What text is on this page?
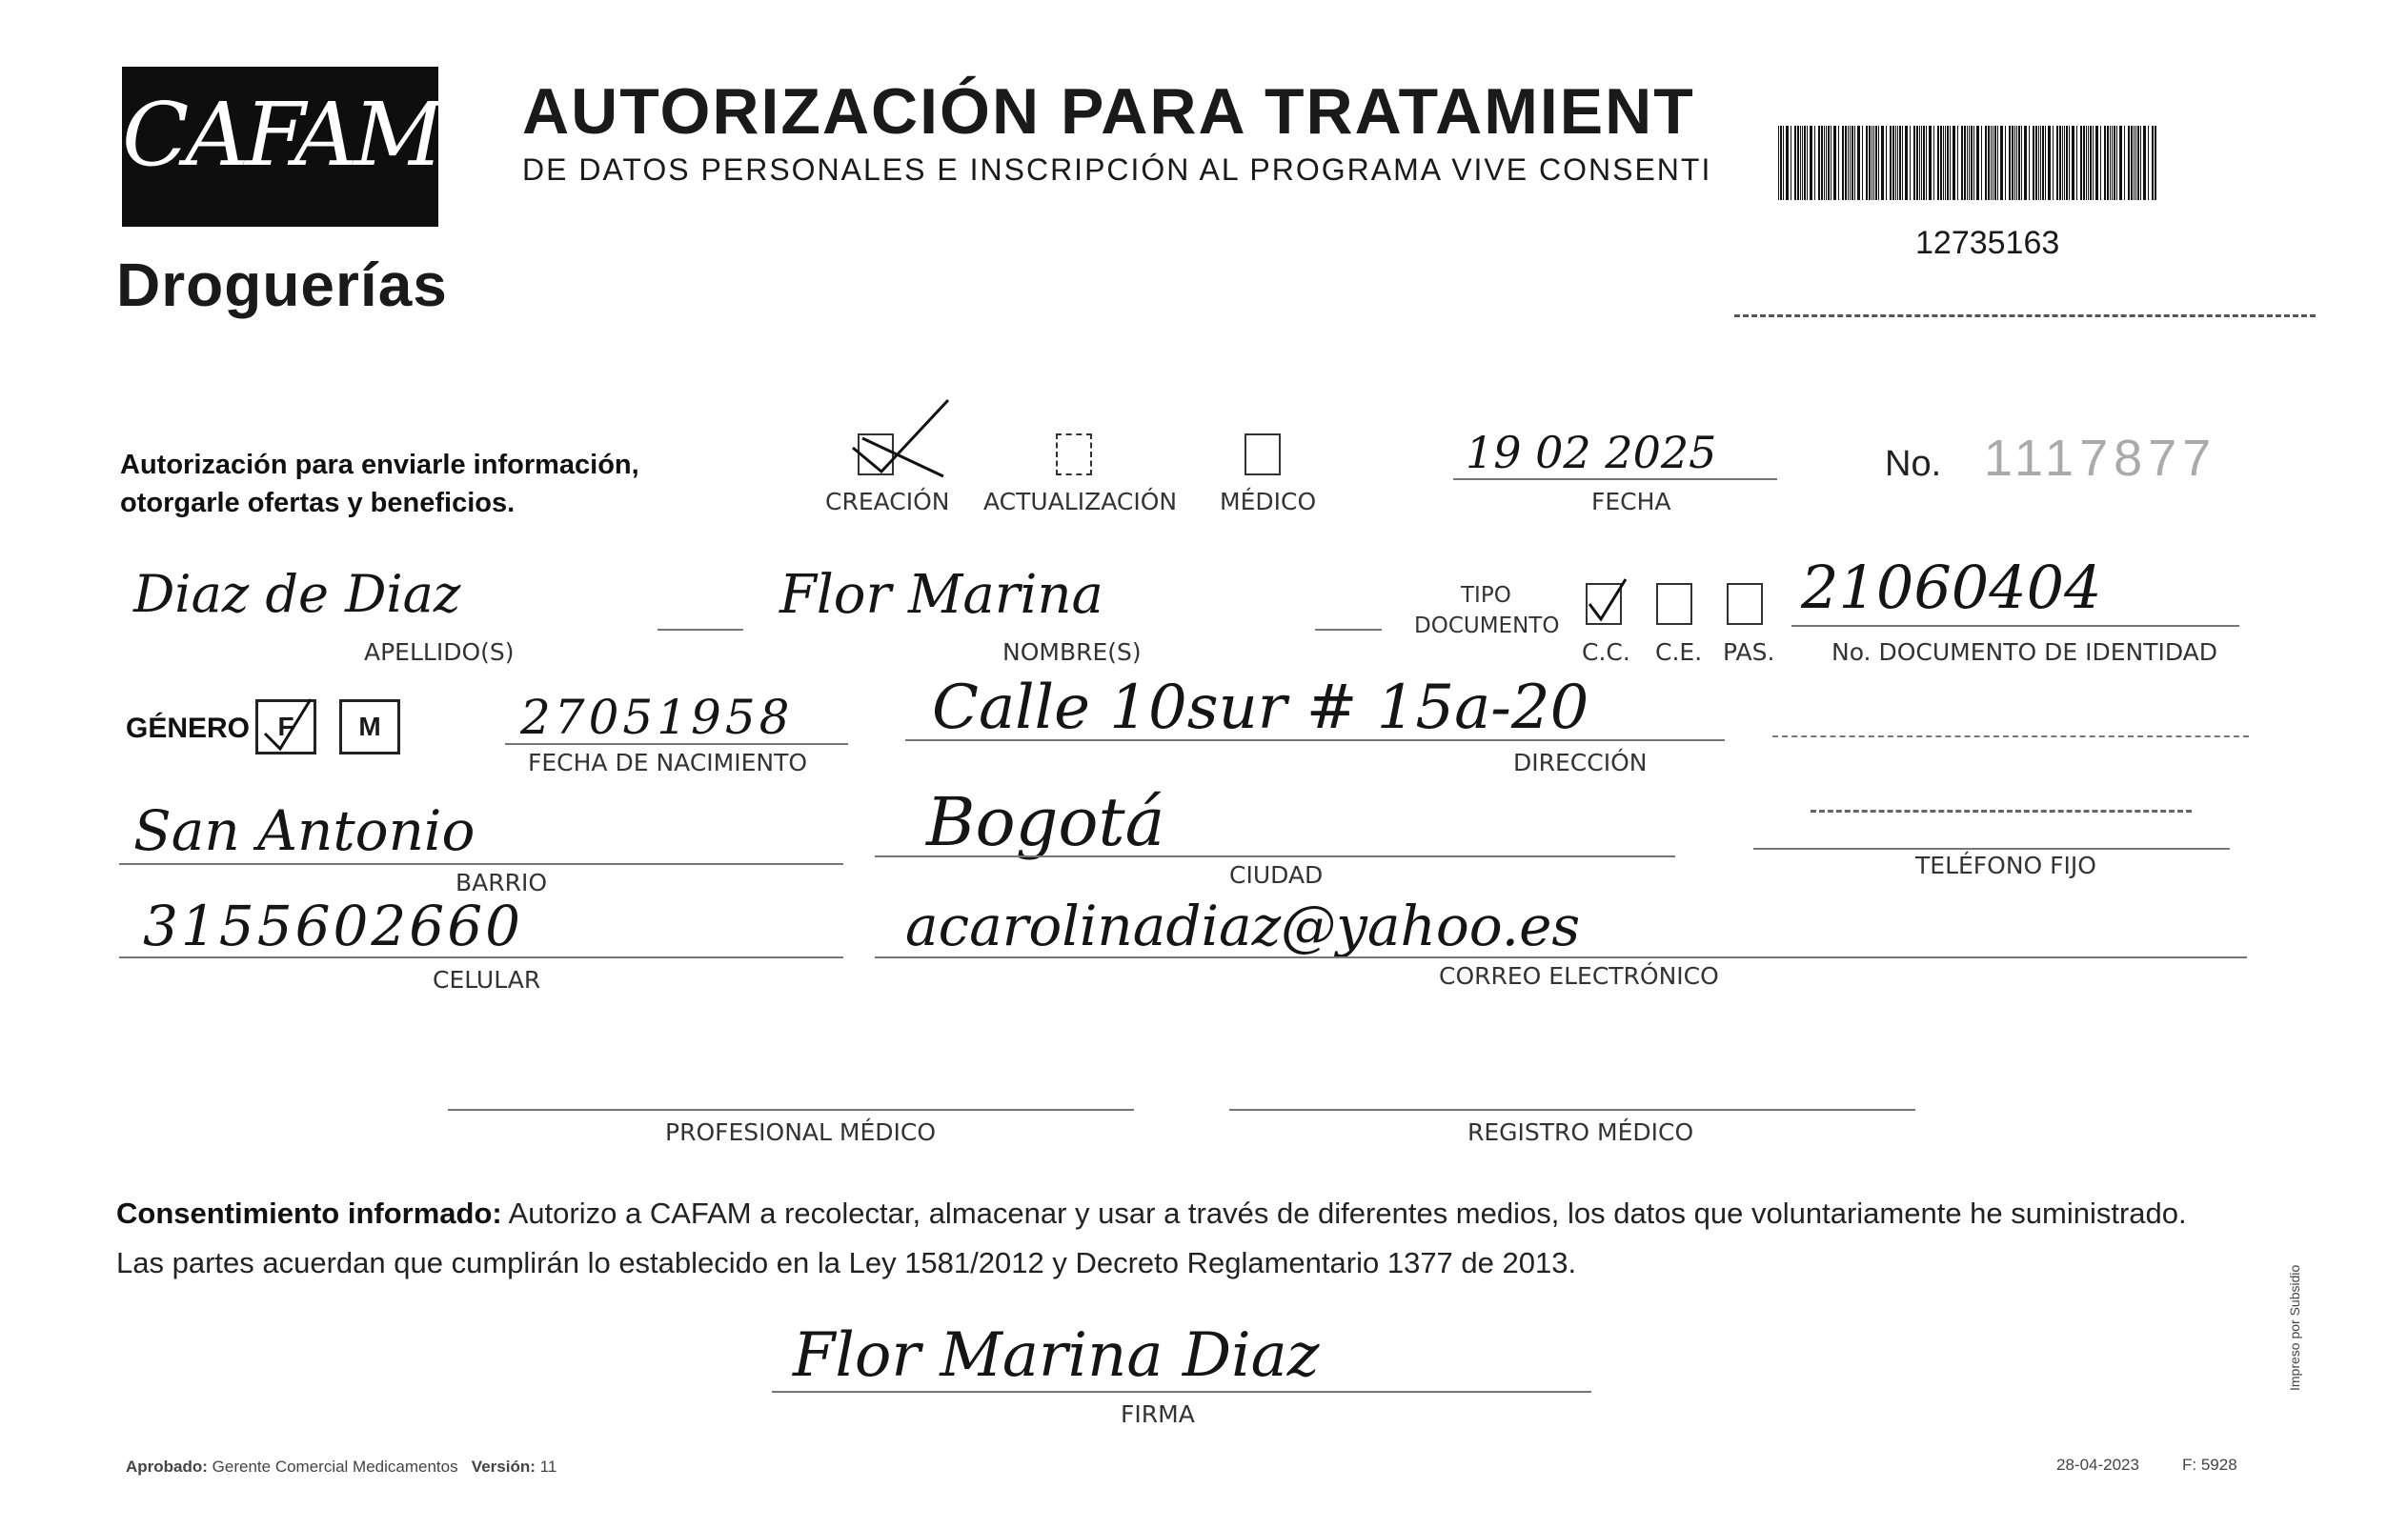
CAFAM
Droguerías
AUTORIZACIÓN PARA TRATAMIENT
DE DATOS PERSONALES E INSCRIPCIÓN AL PROGRAMA VIVE CONSENTI
12735163
Autorización para enviarle información,
otorgarle ofertas y beneficios.	CREACIÓN ACTUALIZACIÓN MÉDICO
19 02 2025
FECHA
No. 1117877
Diaz de Diaz
APELLIDO(S)
Flor Marina
NOMBRE(S)
TIPO
DOCUMENTO
C.C. C.E. PAS.
21060404
No. DOCUMENTO DE IDENTIDAD
GÉNERO F M	27051958
FECHA DE NACIMIENTO
Calle 10sur # 15a-20
DIRECCIÓN
San Antonio
BARRIO
Bogotá
CIUDAD	TELÉFONO FIJO
3155602660
CELULAR
acarolinadiaz@yahoo.es
CORREO ELECTRÓNICO
PROFESIONAL MÉDICO	REGISTRO MÉDICO
Consentimiento informado: Autorizo a CAFAM a recolectar, almacenar y usar a través de diferentes medios, los datos que voluntariamente he suministrado.
Las partes acuerdan que cumplirán lo establecido en la Ley 1581/2012 y Decreto Reglamentario 1377 de 2013.
Flor Marina Diaz
FIRMA
Impreso por Subsidio
Aprobado: Gerente Comercial Medicamentos Versión: 11	28-04-2023	F: 5928
